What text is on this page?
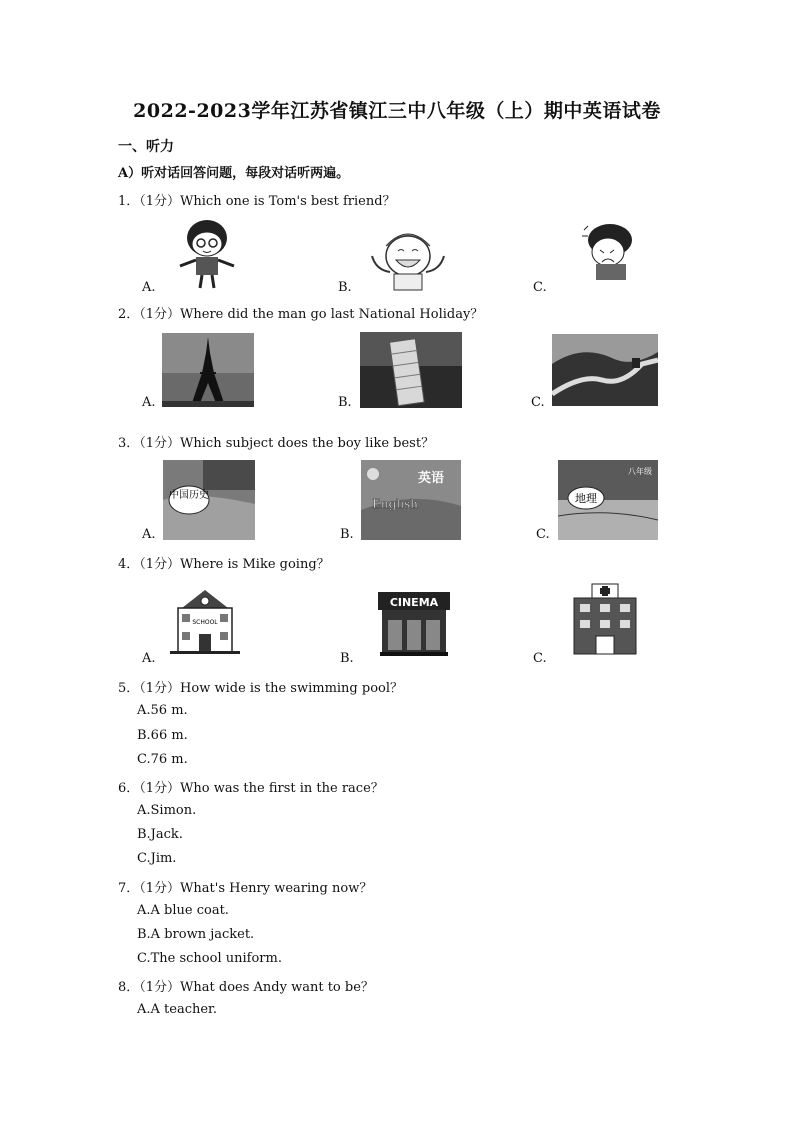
2022-2023学年江苏省镇江三中八年级（上）期中英语试卷
一、听力
A）听对话回答问题，每段对话听两遍。
1．（1分）Which one is Tom's best friend？
A.	B.	C.
2．（1分）Where did the man go last National Holiday？
A.	B.	C.
3．（1分）Which subject does the boy like best？
A.	B.	C.
中国历史
英语
English
八年级
地理
4．（1分）Where is Mike going？
A.	B.	C.
SCHOOL
CINEMA
5．（1分）How wide is the swimming pool？
A.56 m.
B.66 m.
C.76 m.
6．（1分）Who was the first in the race？
A.Simon.
B.Jack.
C.Jim.
7．（1分）What's Henry wearing now？
A.A blue coat.
B.A brown jacket.
C.The school uniform.
8．（1分）What does Andy want to be？
A.A teacher.
